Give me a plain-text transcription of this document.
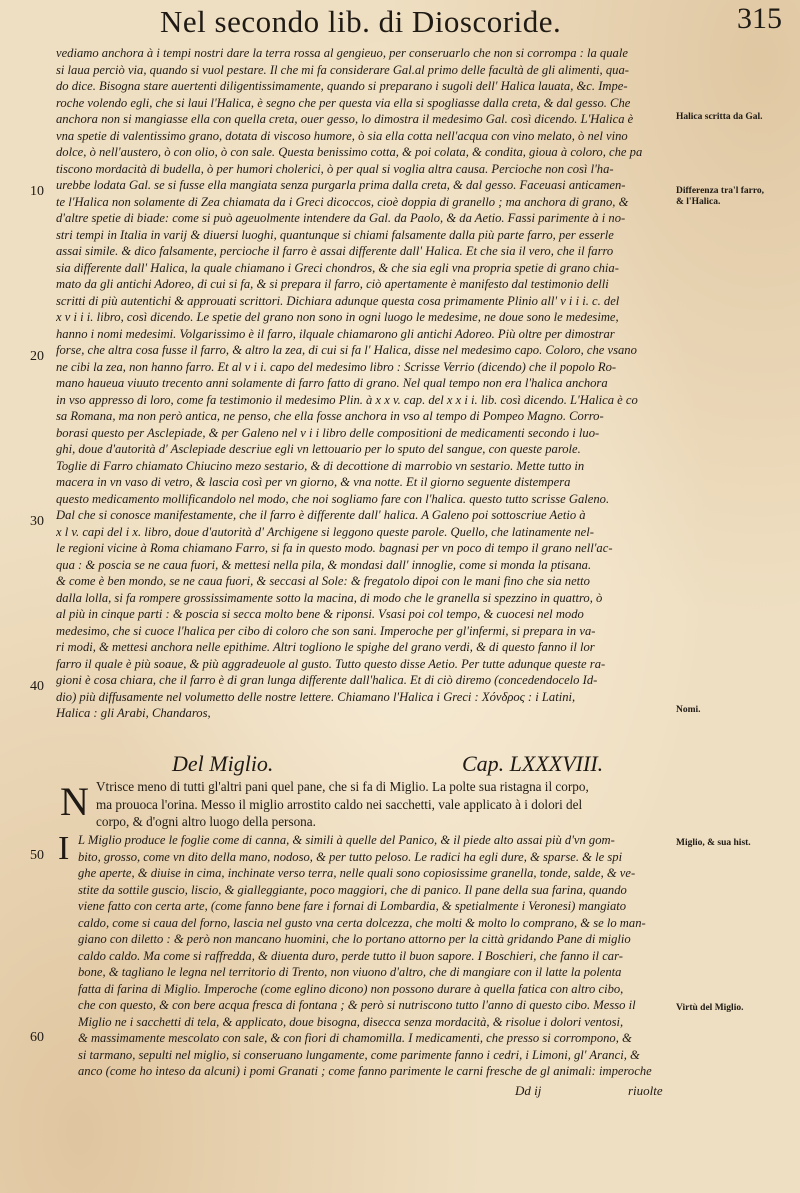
Nel secondo lib. di Dioscoride.	315
vediamo anchora à i tempi nostri dare la terra rossa al gengieuo, per conseruarlo che non si corrompa : la quale
si laua perciò via, quando si vuol pestare. Il che mi fa considerare Gal.al primo delle facultà de gli alimenti, qua-
do dice. Bisogna stare auertenti diligentissimamente, quando si preparano i sugoli dell' Halica lauata, &c. Impe-
roche volendo egli, che si laui l'Halica, è segno che per questa via ella si spogliasse dalla creta, & dal gesso. Che
anchora non si mangiasse ella con quella creta, ouer gesso, lo dimostra il medesimo Gal. così dicendo. L'Halica è
vna spetie di valentissimo grano, dotata di viscoso humore, ò sia ella cotta nell'acqua con vino melato, ò nel vino
dolce, ò nell'austero, ò con olio, ò con sale. Questa benissimo cotta, & poi colata, & condita, gioua à coloro, che pa
tiscono mordacità di budella, ò per humori cholerici, ò per qual si voglia altra causa. Percioche non così l'ha-
urebbe lodata Gal. se si fusse ella mangiata senza purgarla prima dalla creta, & dal gesso. Faceuasi anticamen-
te l'Halica non solamente di Zea chiamata da i Greci dicoccos, cioè doppia di granello ; ma anchora di grano, &
d'altre spetie di biade: come si può ageuolmente intendere da Gal. da Paolo, & da Aetio. Fassi parimente à i no-
stri tempi in Italia in varij & diuersi luoghi, quantunque si chiami falsamente dalla più parte farro, per esserle
assai simile. & dico falsamente, percioche il farro è assai differente dall' Halica. Et che sia il vero, che il farro
sia differente dall' Halica, la quale chiamano i Greci chondros, & che sia egli vna propria spetie di grano chia-
mato da gli antichi Adoreo, di cui si fa, & si prepara il farro, ciò apertamente è manifesto dal testimonio delli
scritti di più autentichi & approuati scrittori. Dichiara adunque questa cosa primamente Plinio all' v i i i. c. del
x v i i i. libro, così dicendo. Le spetie del grano non sono in ogni luogo le medesime, ne doue sono le medesime,
hanno i nomi medesimi. Volgarissimo è il farro, ilquale chiamarono gli antichi Adoreo. Più oltre per dimostrar
forse, che altra cosa fusse il farro, & altro la zea, di cui si fa l' Halica, disse nel medesimo capo. Coloro, che vsano
ne cibi la zea, non hanno farro. Et al v i i. capo del medesimo libro : Scrisse Verrio (dicendo) che il popolo Ro-
mano haueua viuuto trecento anni solamente di farro fatto di grano. Nel qual tempo non era l'halica anchora
in vso appresso di loro, come fa testimonio il medesimo Plin. à x x v. cap. del x x i i. lib. così dicendo. L'Halica è co
sa Romana, ma non però antica, ne penso, che ella fosse anchora in vso al tempo di Pompeo Magno. Corro-
borasi questo per Asclepiade, & per Galeno nel v i i libro delle compositioni de medicamenti secondo i luo-
ghi, doue d'autorità d' Asclepiade descriue egli vn lettouario per lo sputo del sangue, con queste parole.
Toglie di Farro chiamato Chiucino mezo sestario, & di decottione di marrobio vn sestario. Mette tutto in
macera in vn vaso di vetro, & lascia così per vn giorno, & vna notte. Et il giorno seguente distempera
questo medicamento mollificandolo nel modo, che noi sogliamo fare con l'halica. questo tutto scrisse Galeno.
Dal che si conosce manifestamente, che il farro è differente dall' halica. A Galeno poi sottoscriue Aetio à
x l v. capi del i x. libro, doue d'autorità d' Archigene si leggono queste parole. Quello, che latinamente nel-
le regioni vicine à Roma chiamano Farro, si fa in questo modo. bagnasi per vn poco di tempo il grano nell'ac-
qua : & poscia se ne caua fuori, & mettesi nella pila, & mondasi dall' innoglie, come si monda la ptisana.
& come è ben mondo, se ne caua fuori, & seccasi al Sole: & fregatolo dipoi con le mani fino che sia netto
dalla lolla, si fa rompere grossissimamente sotto la macina, di modo che le granella si spezzino in quattro, ò
al più in cinque parti : & poscia si secca molto bene & riponsi. Vsasi poi col tempo, & cuocesi nel modo
medesimo, che si cuoce l'halica per cibo di coloro che son sani. Imperoche per gl'infermi, si prepara in va-
ri modi, & mettesi anchora nelle epithime. Altri togliono le spighe del grano verdi, & di questo fanno il lor
farro il quale è più soaue, & più aggradeuole al gusto. Tutto questo disse Aetio. Per tutte adunque queste ra-
gioni è cosa chiara, che il farro è di gran lunga differente dall'halica. Et di ciò diremo (concedendocelo Id-
dio) più diffusamente nel volumetto delle nostre lettere. Chiamano l'Halica i Greci : Χόνδρος : i Latini,
Halica : gli Arabi, Chandaros,
10
20
30
40
50
60
Halica scritta da Gal.
Differenza tra'l farro, & l'Halica.
Nomi.
Miglio, & sua hist.
Virtù del Miglio.
Del Miglio.	Cap. LXXXVIII.
N Vtrisce meno di tutti gl'altri pani quel pane, che si fa di Miglio. La polte sua ristagna il corpo,
ma prouoca l'orina. Messo il miglio arrostito caldo nei sacchetti, vale applicato à i dolori del
corpo, & d'ogni altro luogo della persona.
I L Miglio produce le foglie come di canna, & simili à quelle del Panico, & il piede alto assai più d'vn gom-
bito, grosso, come vn dito della mano, nodoso, & per tutto peloso. Le radici ha egli dure, & sparse. & le spi
ghe aperte, & diuise in cima, inchinate verso terra, nelle quali sono copiosissime granella, tonde, salde, & ve-
stite da sottile guscio, liscio, & gialleggiante, poco maggiori, che di panico. Il pane della sua farina, quando
viene fatto con certa arte, (come fanno bene fare i fornai di Lombardia, & spetialmente i Veronesi) mangiato
caldo, come si caua del forno, lascia nel gusto vna certa dolcezza, che molti & molto lo comprano, & se lo man-
giano con diletto : & però non mancano huomini, che lo portano attorno per la città gridando Pane di miglio
caldo caldo. Ma come si raffredda, & diuenta duro, perde tutto il buon sapore. I Boschieri, che fanno il car-
bone, & tagliano le legna nel territorio di Trento, non viuono d'altro, che di mangiare con il latte la polenta
fatta di farina di Miglio. Imperoche (come eglino dicono) non possono durare à quella fatica con altro cibo,
che con questo, & con bere acqua fresca di fontana ; & però si nutriscono tutto l'anno di questo cibo. Messo il
Miglio ne i sacchetti di tela, & applicato, doue bisogna, disecca senza mordacità, & risolue i dolori ventosi,
& massimamente mescolato con sale, & con fiori di chamomilla. I medicamenti, che presso si corrompono, &
si tarmano, sepulti nel miglio, si conseruano lungamente, come parimente fanno i cedri, i Limoni, gl' Aranci, &
anco (come ho inteso da alcuni) i pomi Granati ; come fanno parimente le carni fresche de gl animali: imperoche
Dd ij	riuolte
